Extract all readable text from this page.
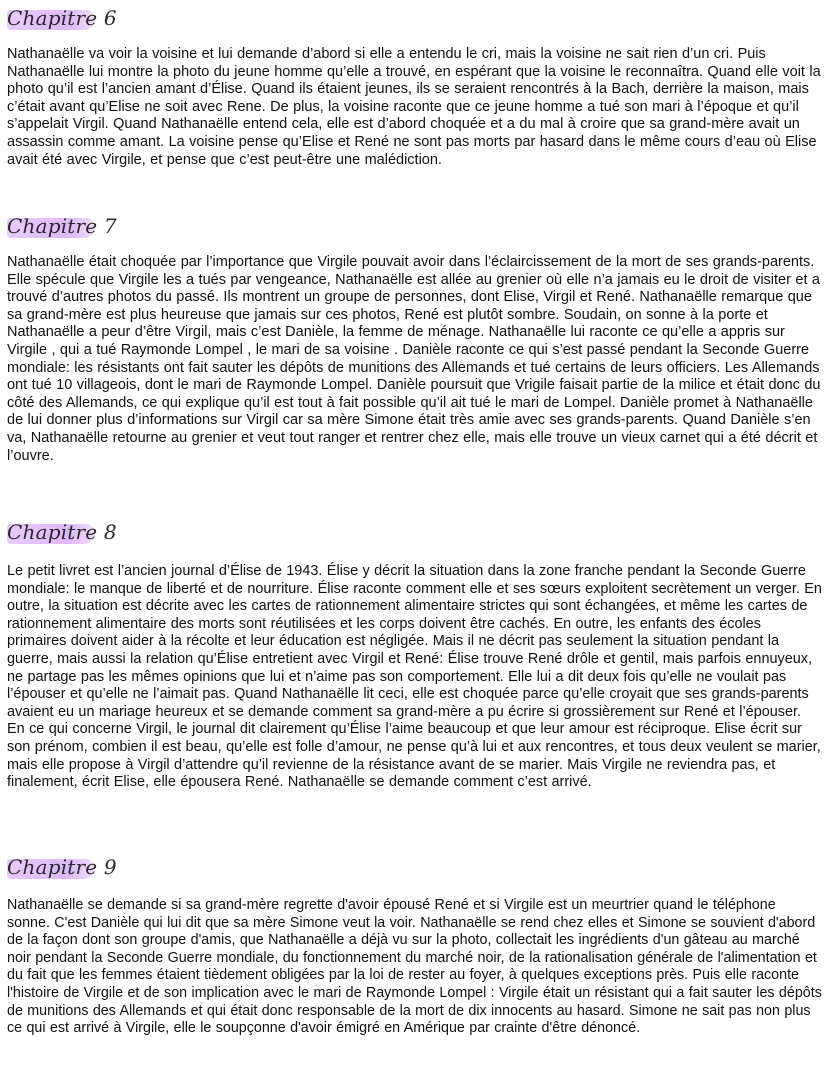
Chapitre 6

Nathanaëlle va voir la voisine et lui demande d’abord si elle a entendu le cri, mais la voisine ne sait rien d’un cri. Puis Nathanaëlle lui montre la photo du jeune homme qu’elle a trouvé, en espérant que la voisine le reconnaîtra. Quand elle voit la photo qu’il est l’ancien amant d’Élise. Quand ils étaient jeunes, ils se seraient rencontrés à la Bach, derrière la maison, mais c’était avant qu’Elise ne soit avec Rene. De plus, la voisine raconte que ce jeune homme a tué son mari à l’époque et qu’il s’appelait Virgil. Quand Nathanaëlle entend cela, elle est d’abord choquée et a du mal à croire que sa grand-mère avait un assassin comme amant. La voisine pense qu’Elise et René ne sont pas morts par hasard dans le même cours d’eau où Elise avait été avec Virgile, et pense que c’est peut-être une malédiction.

Chapitre 7

Nathanaëlle était choquée par l’importance que Virgile pouvait avoir dans l’éclaircissement de la mort de ses grands-parents. Elle spécule que Virgile les a tués par vengeance, Nathanaëlle est allée au grenier où elle n’a jamais eu le droit de visiter et a trouvé d’autres photos du passé. Ils montrent un groupe de personnes, dont Elise, Virgil et René. Nathanaëlle remarque que sa grand-mère est plus heureuse que jamais sur ces photos, René est plutôt sombre. Soudain, on sonne à la porte et Nathanaëlle a peur d’être Virgil, mais c’est Danièle, la femme de ménage. Nathanaëlle lui raconte ce qu’elle a appris sur Virgile , qui a tué Raymonde Lompel , le mari de sa voisine . Danièle raconte ce qui s’est passé pendant la Seconde Guerre mondiale: les résistants ont fait sauter les dépôts de munitions des Allemands et tué certains de leurs officiers. Les Allemands ont tué 10 villageois, dont le mari de Raymonde Lompel. Danièle poursuit que Vrigile faisait partie de la milice et était donc du côté des Allemands, ce qui explique qu’il est tout à fait possible qu’il ait tué le mari de Lompel. Danièle promet à Nathanaëlle de lui donner plus d’informations sur Virgil car sa mère Simone était très amie avec ses grands-parents. Quand Danièle s’en va, Nathanaëlle retourne au grenier et veut tout ranger et rentrer chez elle, mais elle trouve un vieux carnet qui a été décrit et l’ouvre.

Chapitre 8

Le petit livret est l’ancien journal d’Élise de 1943. Élise y décrit la situation dans la zone franche pendant la Seconde Guerre mondiale: le manque de liberté et de nourriture. Élise raconte comment elle et ses sœurs exploitent secrètement un verger. En outre, la situation est décrite avec les cartes de rationnement alimentaire strictes qui sont échangées, et même les cartes de rationnement alimentaire des morts sont réutilisées et les corps doivent être cachés. En outre, les enfants des écoles primaires doivent aider à la récolte et leur éducation est négligée. Mais il ne décrit pas seulement la situation pendant la guerre, mais aussi la relation qu’Élise entretient avec Virgil et René: Élise trouve René drôle et gentil, mais parfois ennuyeux, ne partage pas les mêmes opinions que lui et n’aime pas son comportement. Elle lui a dit deux fois qu’elle ne voulait pas l’épouser et qu’elle ne l’aimait pas. Quand Nathanaëlle lit ceci, elle est choquée parce qu’elle croyait que ses grands-parents avaient eu un mariage heureux et se demande comment sa grand-mère a pu écrire si grossièrement sur René et l’épouser. En ce qui concerne Virgil, le journal dit clairement qu’Élise l’aime beaucoup et que leur amour est réciproque. Elise écrit sur son prénom, combien il est beau, qu’elle est folle d’amour, ne pense qu’à lui et aux rencontres, et tous deux veulent se marier, mais elle propose à Virgil d’attendre qu’il revienne de la résistance avant de se marier. Mais Virgile ne reviendra pas, et finalement, écrit Elise, elle épousera René. Nathanaëlle se demande comment c’est arrivé.

Chapitre 9

Nathanaëlle se demande si sa grand-mère regrette d'avoir épousé René et si Virgile est un meurtrier quand le téléphone sonne. C'est Danièle qui lui dit que sa mère Simone veut la voir. Nathanaëlle se rend chez elles et Simone se souvient d'abord de la façon dont son groupe d'amis, que Nathanaëlle a déjà vu sur la photo, collectait les ingrédients d'un gâteau au marché noir pendant la Seconde Guerre mondiale, du fonctionnement du marché noir, de la rationalisation générale de l'alimentation et du fait que les femmes étaient tièdement obligées par la loi de rester au foyer, à quelques exceptions près. Puis elle raconte l'histoire de Virgile et de son implication avec le mari de Raymonde Lompel : Virgile était un résistant qui a fait sauter les dépôts de munitions des Allemands et qui était donc responsable de la mort de dix innocents au hasard. Simone ne sait pas non plus ce qui est arrivé à Virgile, elle le soupçonne d'avoir émigré en Amérique par crainte d'être dénoncé.
